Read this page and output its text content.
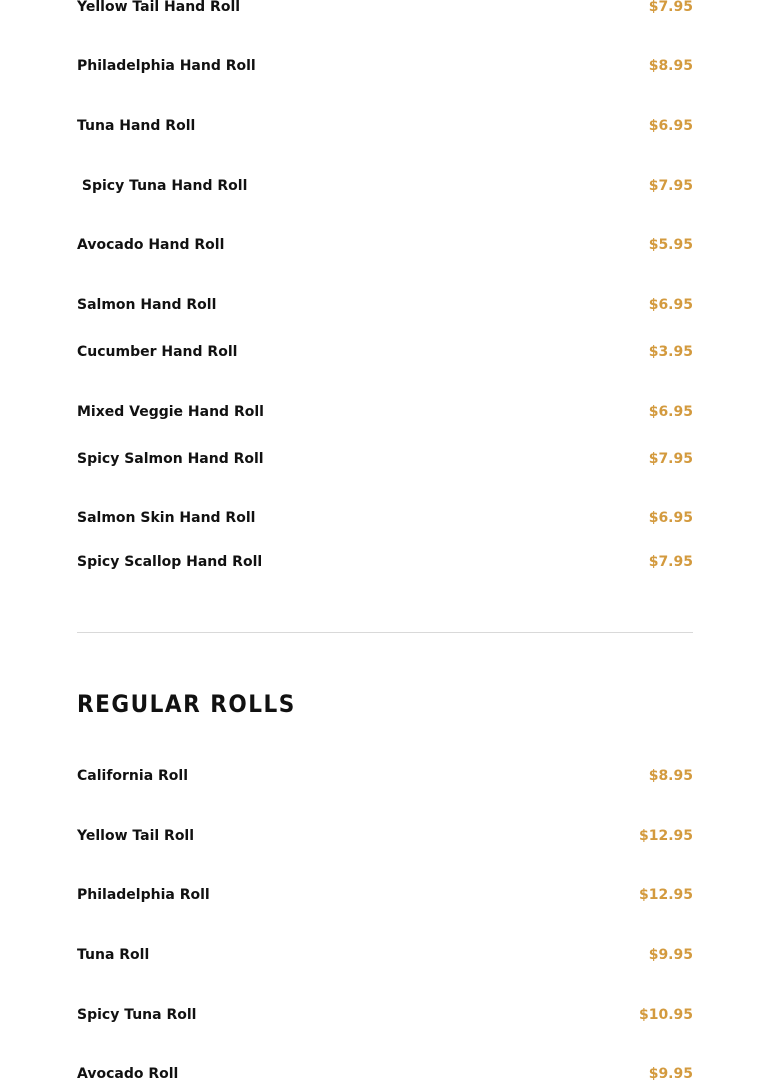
Yellow Tail Hand Roll	$7.95
Philadelphia Hand Roll	$8.95
Tuna Hand Roll	$6.95
Spicy Tuna Hand Roll	$7.95
Avocado Hand Roll	$5.95
Salmon Hand Roll	$6.95
Cucumber Hand Roll	$3.95
Mixed Veggie Hand Roll	$6.95
Spicy Salmon Hand Roll	$7.95
Salmon Skin Hand Roll	$6.95
Spicy Scallop Hand Roll	$7.95
REGULAR ROLLS
California Roll	$8.95
Yellow Tail Roll	$12.95
Philadelphia Roll	$12.95
Tuna Roll	$9.95
Spicy Tuna Roll	$10.95
Avocado Roll	$9.95
